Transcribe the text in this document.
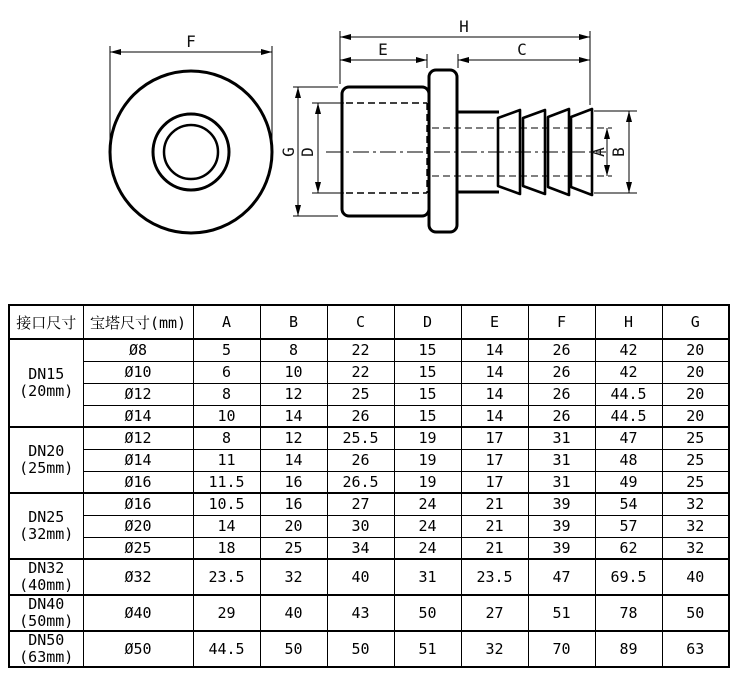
F
H
E	C
G D	A B
接口尺寸	宝塔尺寸(mm)	A	B	C	D	E	F	H	G

DN15
(20mm)	Ø8	5	8	22	15	14	26	42	20
	Ø10	6	10	22	15	14	26	42	20
	Ø12	8	12	25	15	14	26	44.5	20
	Ø14	10	14	26	15	14	26	44.5	20

DN20
(25mm)	Ø12	8	12	25.5	19	17	31	47	25
	Ø14	11	14	26	19	17	31	48	25
	Ø16	11.5	16	26.5	19	17	31	49	25

DN25
(32mm)	Ø16	10.5	16	27	24	21	39	54	32
	Ø20	14	20	30	24	21	39	57	32
	Ø25	18	25	34	24	21	39	62	32

DN32
(40mm)	Ø32	23.5	32	40	31	23.5	47	69.5	40

DN40
(50mm)	Ø40	29	40	43	50	27	51	78	50

DN50
(63mm)	Ø50	44.5	50	50	51	32	70	89	63
